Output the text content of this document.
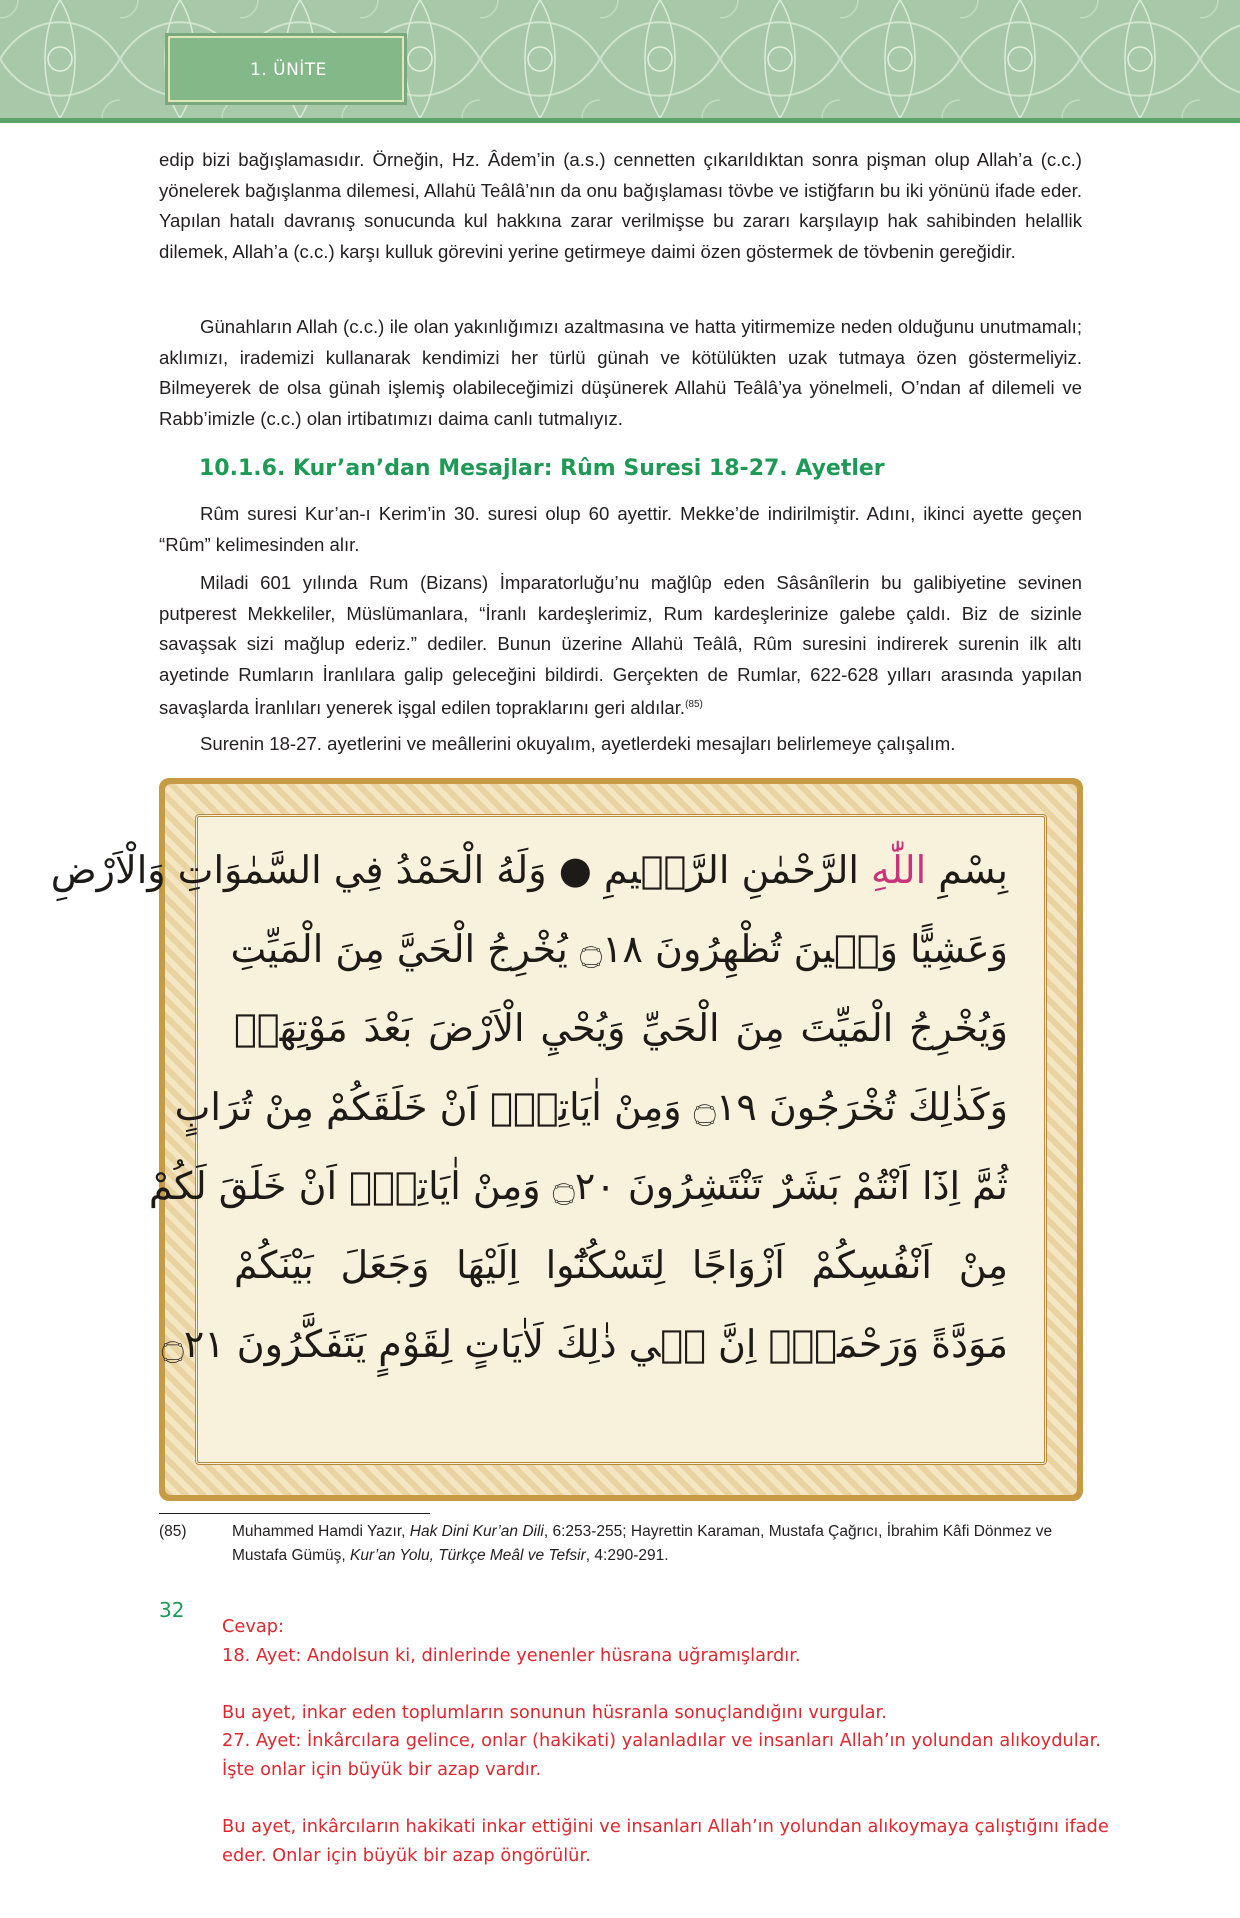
1. ÜNİTE

edip bizi bağışlamasıdır. Örneğin, Hz. Âdem’in (a.s.) cennetten çıkarıldıktan sonra pişman olup Allah’a (c.c.) yönelerek bağışlanma dilemesi, Allahü Teâlâ’nın da onu bağışlaması tövbe ve istiğfarın bu iki yönünü ifade eder. Yapılan hatalı davranış sonucunda kul hakkına zarar verilmişse bu zararı karşılayıp hak sahibinden helallik dilemek, Allah’a (c.c.) karşı kulluk görevini yerine getirmeye daimi özen göstermek de tövbenin gereğidir.

Günahların Allah (c.c.) ile olan yakınlığımızı azaltmasına ve hatta yitirmemize neden olduğunu unutmamalı; aklımızı, irademizi kullanarak kendimizi her türlü günah ve kötülükten uzak tutmaya özen göstermeliyiz. Bilmeyerek de olsa günah işlemiş olabileceğimizi düşünerek Allahü Teâlâ’ya yönelmeli, O’ndan af dilemeli ve Rabb’imizle (c.c.) olan irtibatımızı daima canlı tutmalıyız.

10.1.6. Kur’an’dan Mesajlar: Rûm Suresi 18-27. Ayetler

Rûm suresi Kur’an-ı Kerim’in 30. suresi olup 60 ayettir. Mekke’de indirilmiştir. Adını, ikinci ayette geçen “Rûm” kelimesinden alır.

Miladi 601 yılında Rum (Bizans) İmparatorluğu’nu mağlûp eden Sâsânîlerin bu galibiyetine sevinen putperest Mekkeliler, Müslümanlara, “İranlı kardeşlerimiz, Rum kardeşlerinize galebe çaldı. Biz de sizinle savaşsak sizi mağlup ederiz.” dediler. Bunun üzerine Allahü Teâlâ, Rûm suresini indirerek surenin ilk altı ayetinde Rumların İranlılara galip geleceğini bildirdi. Gerçekten de Rumlar, 622-628 yılları arasında yapılan savaşlarda İranlıları yenerek işgal edilen topraklarını geri aldılar.$^{(85)}$

Surenin 18-27. ayetlerini ve meâllerini okuyalım, ayetlerdeki mesajları belirlemeye çalışalım.

بِسْمِ اللّٰهِ الرَّحْمٰنِ الرَّح۪يمِ ● وَلَهُ الْحَمْدُ فِي السَّمٰوَاتِ وَالْاَرْضِ
وَعَشِيًّا وَح۪ينَ تُظْهِرُونَ ۝١٨ يُخْرِجُ الْحَيَّ مِنَ الْمَيِّتِ
وَيُخْرِجُ الْمَيِّتَ مِنَ الْحَيِّ وَيُحْيِ الْاَرْضَ بَعْدَ مَوْتِهَاۜ
وَكَذٰلِكَ تُخْرَجُونَ ۝١٩ وَمِنْ اٰيَاتِه۪ٓ اَنْ خَلَقَكُمْ مِنْ تُرَابٍ
ثُمَّ اِذَٓا اَنْتُمْ بَشَرٌ تَنْتَشِرُونَ ۝٢٠ وَمِنْ اٰيَاتِه۪ٓ اَنْ خَلَقَ لَكُمْ
مِنْ اَنْفُسِكُمْ اَزْوَاجًا لِتَسْكُنُٓوا اِلَيْهَا وَجَعَلَ بَيْنَكُمْ
مَوَدَّةً وَرَحْمَةًۜ اِنَّ ف۪ي ذٰلِكَ لَاٰيَاتٍ لِقَوْمٍ يَتَفَكَّرُونَ ۝٢١
(85)	Muhammed Hamdi Yazır, Hak Dini Kur’an Dili, 6:253-255; Hayrettin Karaman, Mustafa Çağrıcı, İbrahim Kâfi Dönmez ve Mustafa Gümüş, Kur’an Yolu, Türkçe Meâl ve Tefsir, 4:290-291.
32
Cevap:
18. Ayet: Andolsun ki, dinlerinde yenenler hüsrana uğramışlardır.
Bu ayet, inkar eden toplumların sonunun hüsranla sonuçlandığını vurgular.
27. Ayet: İnkârcılara gelince, onlar (hakikati) yalanladılar ve insanları Allah’ın yolundan alıkoydular.
İşte onlar için büyük bir azap vardır.
Bu ayet, inkârcıların hakikati inkar ettiğini ve insanları Allah’ın yolundan alıkoymaya çalıştığını ifade
eder. Onlar için büyük bir azap öngörülür.
